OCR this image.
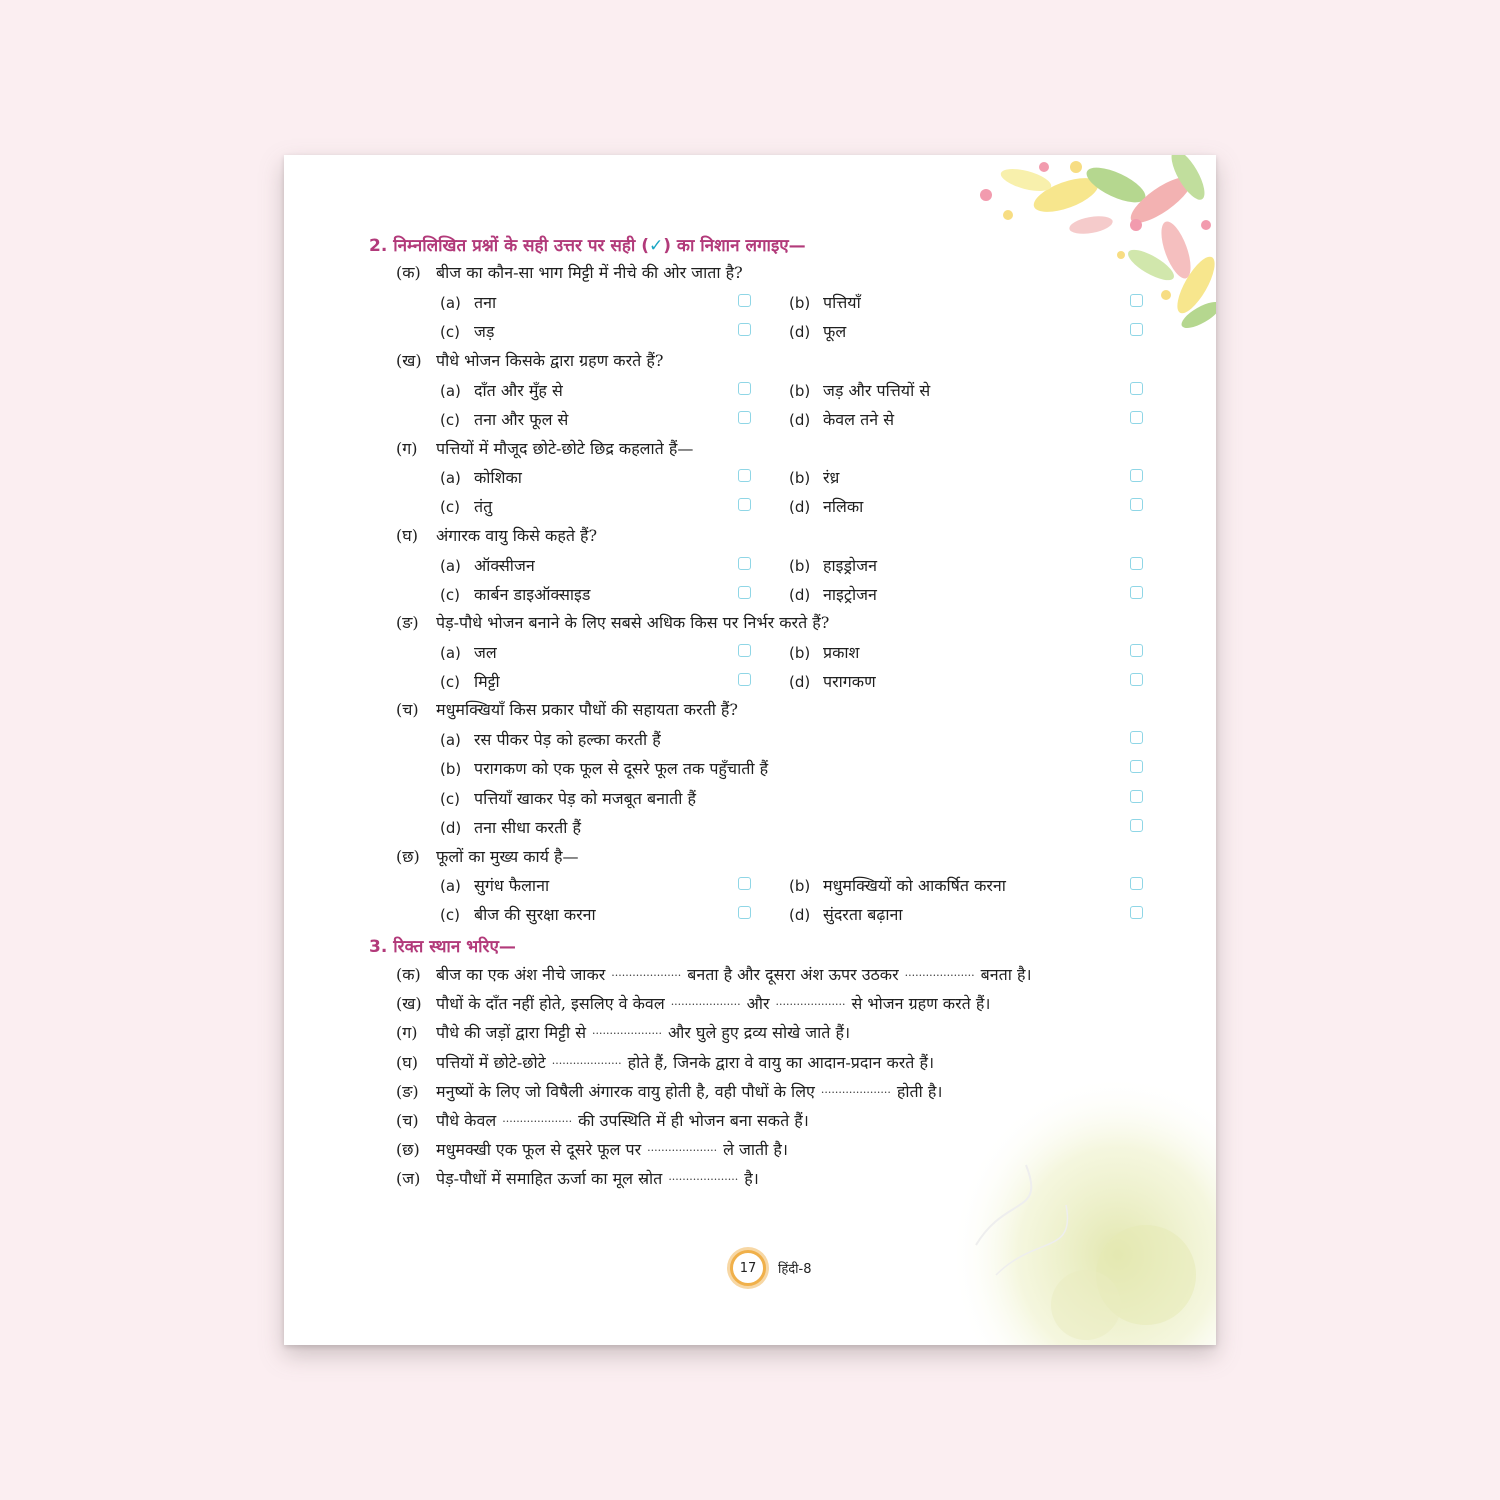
2. निम्नलिखित प्रश्नों के सही उत्तर पर सही (✓) का निशान लगाइए—
(क) बीज का कौन-सा भाग मिट्टी में नीचे की ओर जाता है?
(a) तना	(b) पत्तियाँ
(c) जड़	(d) फूल
(ख) पौधे भोजन किसके द्वारा ग्रहण करते हैं?
(a) दाँत और मुँह से	(b) जड़ और पत्तियों से
(c) तना और फूल से	(d) केवल तने से
(ग) पत्तियों में मौजूद छोटे-छोटे छिद्र कहलाते हैं—
(a) कोशिका	(b) रंध्र
(c) तंतु	(d) नलिका
(घ) अंगारक वायु किसे कहते हैं?
(a) ऑक्सीजन	(b) हाइड्रोजन
(c) कार्बन डाइऑक्साइड	(d) नाइट्रोजन
(ङ) पेड़-पौधे भोजन बनाने के लिए सबसे अधिक किस पर निर्भर करते हैं?
(a) जल	(b) प्रकाश
(c) मिट्टी	(d) परागकण
(च) मधुमक्खियाँ किस प्रकार पौधों की सहायता करती हैं?
(a) रस पीकर पेड़ को हल्का करती हैं
(b) परागकण को एक फूल से दूसरे फूल तक पहुँचाती हैं
(c) पत्तियाँ खाकर पेड़ को मजबूत बनाती हैं
(d) तना सीधा करती हैं
(छ) फूलों का मुख्य कार्य है—
(a) सुगंध फैलाना	(b) मधुमक्खियों को आकर्षित करना
(c) बीज की सुरक्षा करना	(d) सुंदरता बढ़ाना
3. रिक्त स्थान भरिए—
(क) बीज का एक अंश नीचे जाकर ···················· बनता है और दूसरा अंश ऊपर उठकर ···················· बनता है।
(ख) पौधों के दाँत नहीं होते, इसलिए वे केवल ···················· और ···················· से भोजन ग्रहण करते हैं।
(ग) पौधे की जड़ों द्वारा मिट्टी से ···················· और घुले हुए द्रव्य सोखे जाते हैं।
(घ) पत्तियों में छोटे-छोटे ···················· होते हैं, जिनके द्वारा वे वायु का आदान-प्रदान करते हैं।
(ङ) मनुष्यों के लिए जो विषैली अंगारक वायु होती है, वही पौधों के लिए ···················· होती है।
(च) पौधे केवल ···················· की उपस्थिति में ही भोजन बना सकते हैं।
(छ) मधुमक्खी एक फूल से दूसरे फूल पर ···················· ले जाती है।
(ज) पेड़-पौधों में समाहित ऊर्जा का मूल स्रोत ···················· है।
17 हिंदी-8
